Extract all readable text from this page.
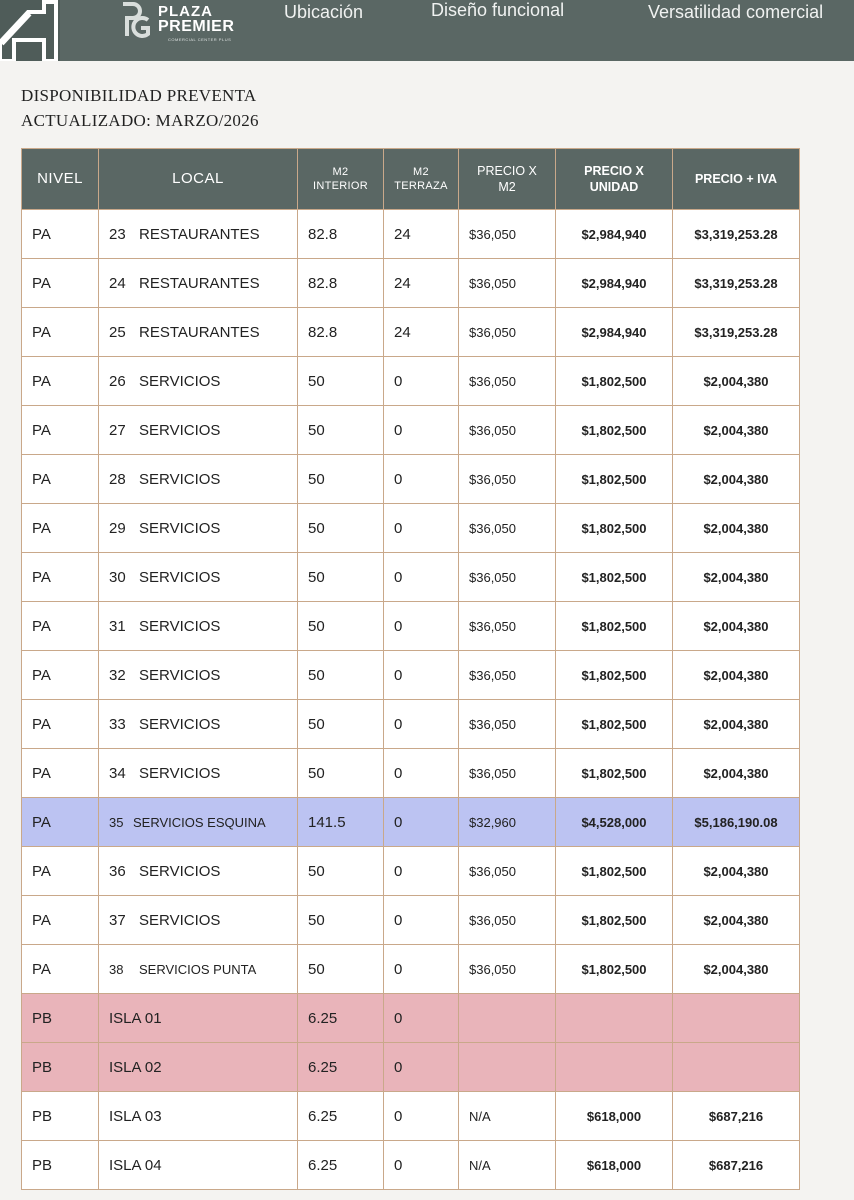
PLAZA
PREMIER
COMERCIAL CENTER PLUS
Ubicación	Diseño funcional	Versatilidad comercial
DISPONIBILIDAD PREVENTA
ACTUALIZADO: MARZO/2026
NIVEL	LOCAL	M2 INTERIOR	M2 TERRAZA	PRECIO X M2	PRECIO X UNIDAD	PRECIO + IVA
PA	23 RESTAURANTES	82.8	24	$36,050	$2,984,940	$3,319,253.28
PA	24 RESTAURANTES	82.8	24	$36,050	$2,984,940	$3,319,253.28
PA	25 RESTAURANTES	82.8	24	$36,050	$2,984,940	$3,319,253.28
PA	26 SERVICIOS	50	0	$36,050	$1,802,500	$2,004,380
PA	27 SERVICIOS	50	0	$36,050	$1,802,500	$2,004,380
PA	28 SERVICIOS	50	0	$36,050	$1,802,500	$2,004,380
PA	29 SERVICIOS	50	0	$36,050	$1,802,500	$2,004,380
PA	30 SERVICIOS	50	0	$36,050	$1,802,500	$2,004,380
PA	31 SERVICIOS	50	0	$36,050	$1,802,500	$2,004,380
PA	32 SERVICIOS	50	0	$36,050	$1,802,500	$2,004,380
PA	33 SERVICIOS	50	0	$36,050	$1,802,500	$2,004,380
PA	34 SERVICIOS	50	0	$36,050	$1,802,500	$2,004,380
PA	35 SERVICIOS ESQUINA	141.5	0	$32,960	$4,528,000	$5,186,190.08
PA	36 SERVICIOS	50	0	$36,050	$1,802,500	$2,004,380
PA	37 SERVICIOS	50	0	$36,050	$1,802,500	$2,004,380
PA	38 SERVICIOS PUNTA	50	0	$36,050	$1,802,500	$2,004,380
PB	ISLA 01	6.25	0			
PB	ISLA 02	6.25	0			
PB	ISLA 03	6.25	0	N/A	$618,000	$687,216
PB	ISLA 04	6.25	0	N/A	$618,000	$687,216
